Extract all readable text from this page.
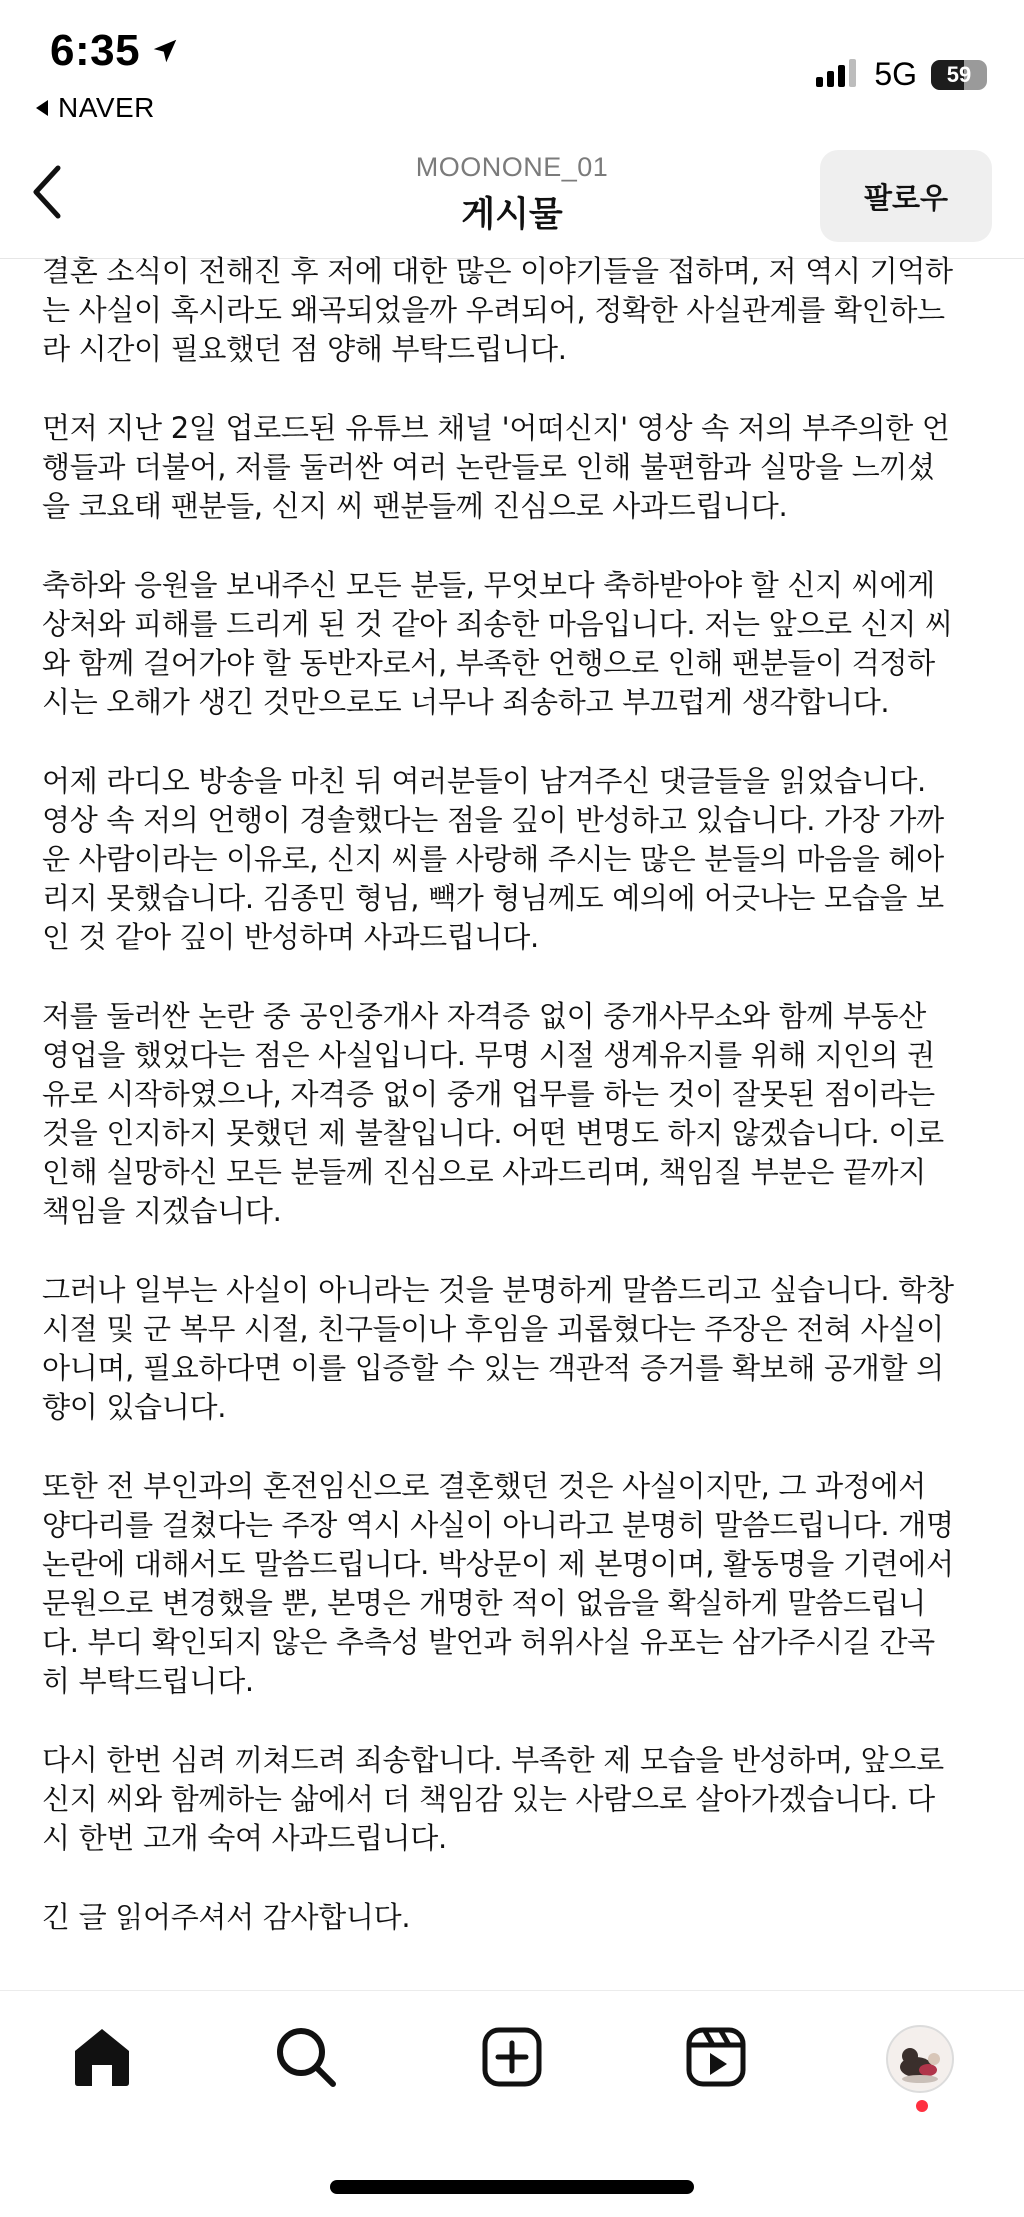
6:35
NAVER
5G 59
MOONONE_01
게시물	팔로우

결혼 소식이 전해진 후 저에 대한 많은 이야기들을 접하며, 저 역시 기억하
는 사실이 혹시라도 왜곡되었을까 우려되어, 정확한 사실관계를 확인하느
라 시간이 필요했던 점 양해 부탁드립니다.

먼저 지난 2일 업로드된 유튜브 채널 '어떠신지' 영상 속 저의 부주의한 언
행들과 더불어, 저를 둘러싼 여러 논란들로 인해 불편함과 실망을 느끼셨
을 코요태 팬분들, 신지 씨 팬분들께 진심으로 사과드립니다.

축하와 응원을 보내주신 모든 분들, 무엇보다 축하받아야 할 신지 씨에게
상처와 피해를 드리게 된 것 같아 죄송한 마음입니다. 저는 앞으로 신지 씨
와 함께 걸어가야 할 동반자로서, 부족한 언행으로 인해 팬분들이 걱정하
시는 오해가 생긴 것만으로도 너무나 죄송하고 부끄럽게 생각합니다.

어제 라디오 방송을 마친 뒤 여러분들이 남겨주신 댓글들을 읽었습니다.
영상 속 저의 언행이 경솔했다는 점을 깊이 반성하고 있습니다. 가장 가까
운 사람이라는 이유로, 신지 씨를 사랑해 주시는 많은 분들의 마음을 헤아
리지 못했습니다. 김종민 형님, 빽가 형님께도 예의에 어긋나는 모습을 보
인 것 같아 깊이 반성하며 사과드립니다.

저를 둘러싼 논란 중 공인중개사 자격증 없이 중개사무소와 함께 부동산
영업을 했었다는 점은 사실입니다. 무명 시절 생계유지를 위해 지인의 권
유로 시작하였으나, 자격증 없이 중개 업무를 하는 것이 잘못된 점이라는
것을 인지하지 못했던 제 불찰입니다. 어떤 변명도 하지 않겠습니다. 이로
인해 실망하신 모든 분들께 진심으로 사과드리며, 책임질 부분은 끝까지
책임을 지겠습니다.

그러나 일부는 사실이 아니라는 것을 분명하게 말씀드리고 싶습니다. 학창
시절 및 군 복무 시절, 친구들이나 후임을 괴롭혔다는 주장은 전혀 사실이
아니며, 필요하다면 이를 입증할 수 있는 객관적 증거를 확보해 공개할 의
향이 있습니다.

또한 전 부인과의 혼전임신으로 결혼했던 것은 사실이지만, 그 과정에서
양다리를 걸쳤다는 주장 역시 사실이 아니라고 분명히 말씀드립니다. 개명
논란에 대해서도 말씀드립니다. 박상문이 제 본명이며, 활동명을 기련에서
문원으로 변경했을 뿐, 본명은 개명한 적이 없음을 확실하게 말씀드립니
다. 부디 확인되지 않은 추측성 발언과 허위사실 유포는 삼가주시길 간곡
히 부탁드립니다.

다시 한번 심려 끼쳐드려 죄송합니다. 부족한 제 모습을 반성하며, 앞으로
신지 씨와 함께하는 삶에서 더 책임감 있는 사람으로 살아가겠습니다. 다
시 한번 고개 숙여 사과드립니다.

긴 글 읽어주셔서 감사합니다.
